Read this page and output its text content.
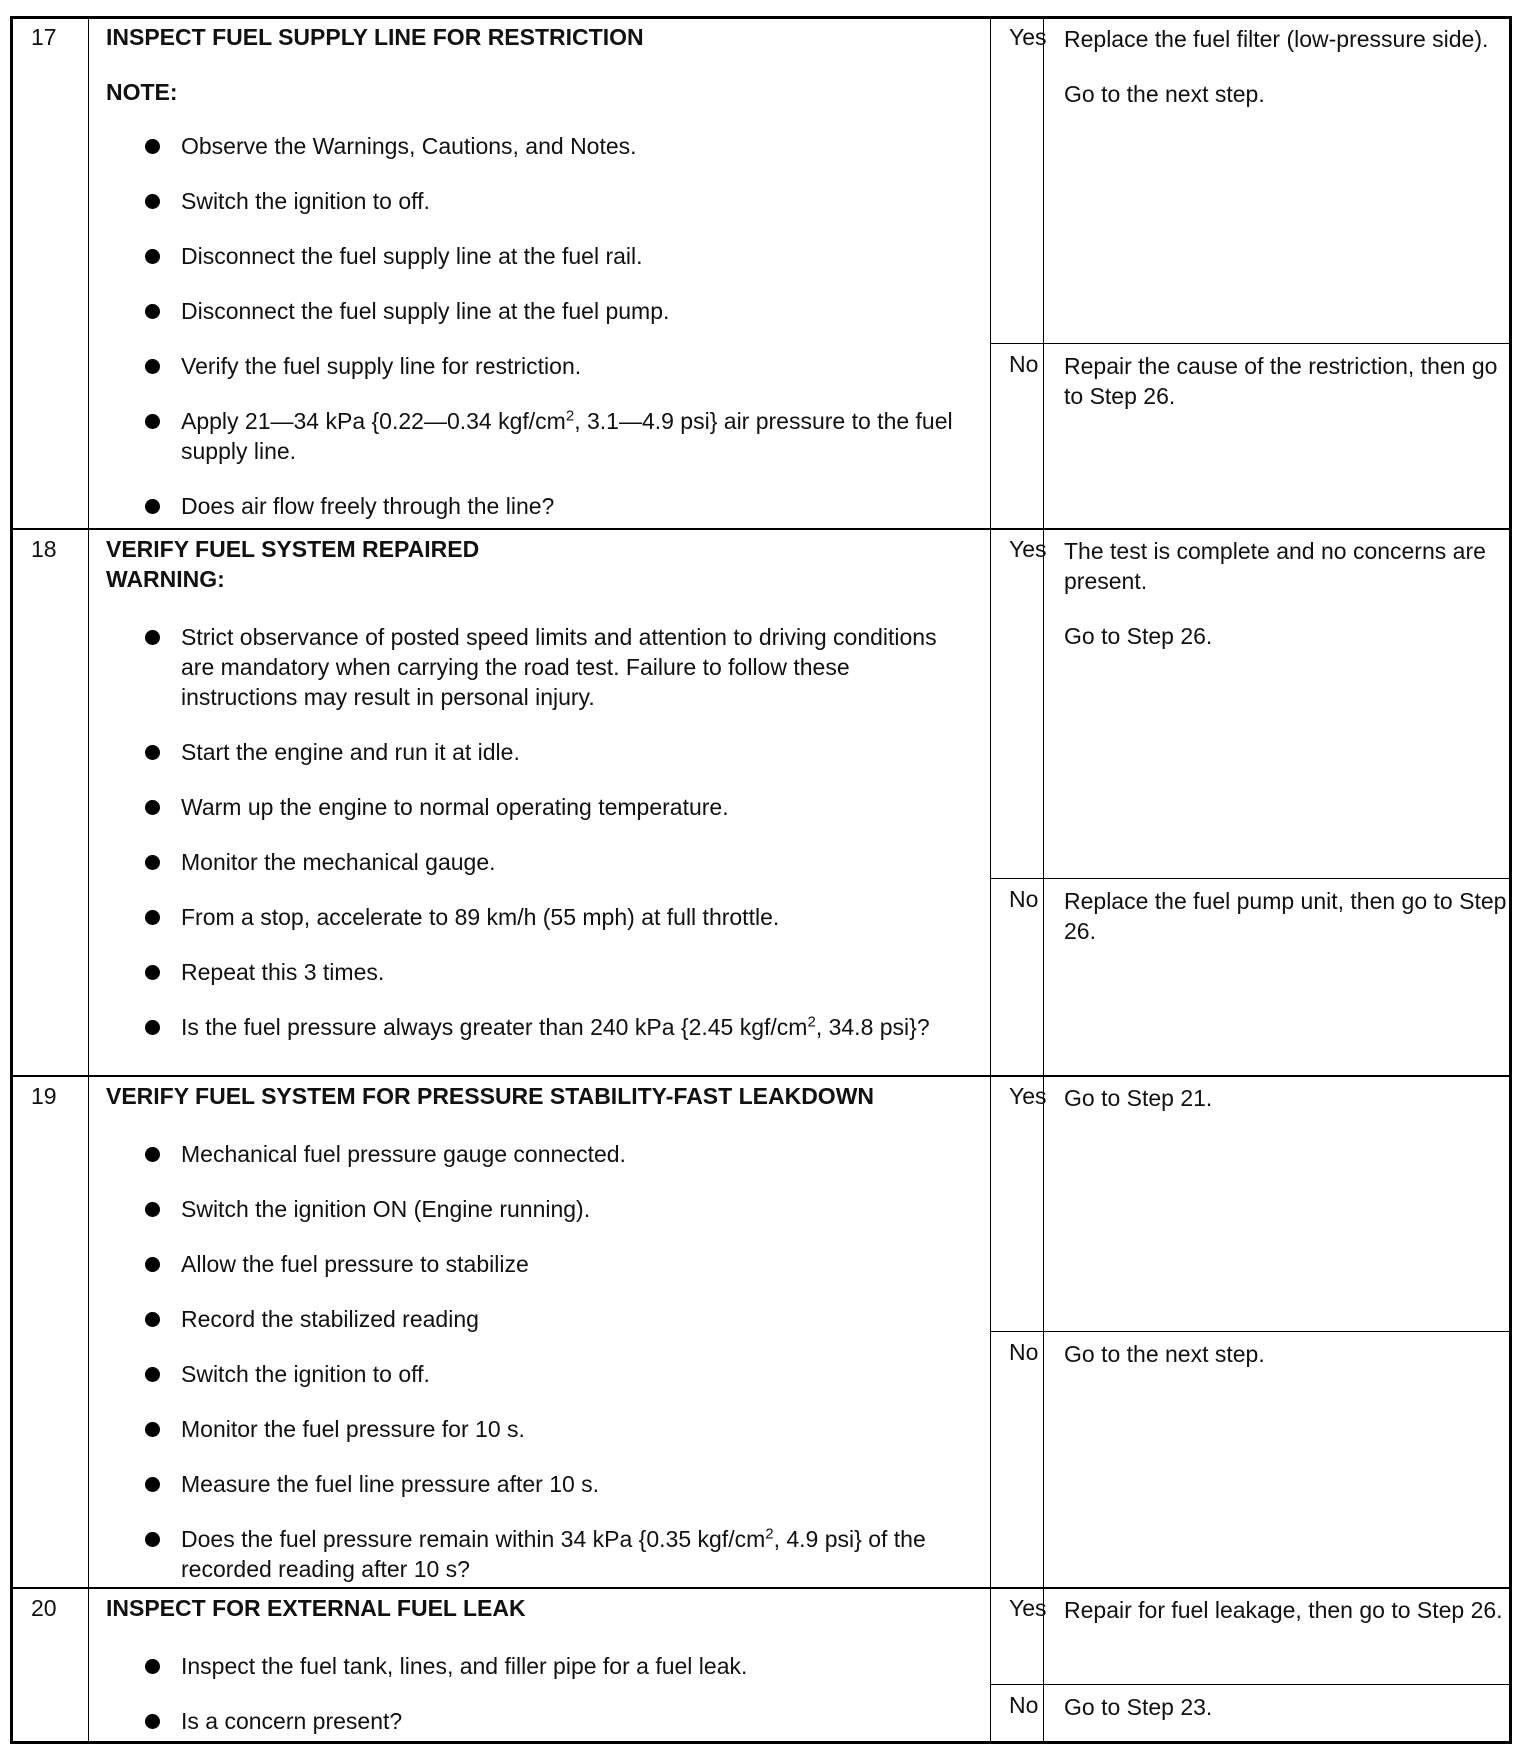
17 INSPECT FUEL SUPPLY LINE FOR RESTRICTION
NOTE:
Observe the Warnings, Cautions, and Notes.
Switch the ignition to off.
Disconnect the fuel supply line at the fuel rail.
Disconnect the fuel supply line at the fuel pump.
Verify the fuel supply line for restriction.
Apply 21—34 kPa {0.22—0.34 kgf/$cm^2$, 3.1—4.9 psi} air pressure to the fuel supply line.
Does air flow freely through the line?
Yes Replace the fuel filter (low-pressure side).

Go to the next step.

No Repair the cause of the restriction, then go to Step 26.

18 VERIFY FUEL SYSTEM REPAIRED
WARNING:
Strict observance of posted speed limits and attention to driving conditions are mandatory when carrying the road test. Failure to follow these instructions may result in personal injury.
Start the engine and run it at idle.
Warm up the engine to normal operating temperature.
Monitor the mechanical gauge.
From a stop, accelerate to 89 km/h (55 mph) at full throttle.
Repeat this 3 times.
Is the fuel pressure always greater than 240 kPa {2.45 kgf/$cm^2$, 34.8 psi}?
Yes The test is complete and no concerns are present.

Go to Step 26.

No Replace the fuel pump unit, then go to Step 26.

19 VERIFY FUEL SYSTEM FOR PRESSURE STABILITY-FAST LEAKDOWN
Mechanical fuel pressure gauge connected.
Switch the ignition ON (Engine running).
Allow the fuel pressure to stabilize
Record the stabilized reading
Switch the ignition to off.
Monitor the fuel pressure for 10 s.
Measure the fuel line pressure after 10 s.
Does the fuel pressure remain within 34 kPa {0.35 kgf/$cm^2$, 4.9 psi} of the recorded reading after 10 s?
Yes Go to Step 21.

No Go to the next step.

20 INSPECT FOR EXTERNAL FUEL LEAK
Inspect the fuel tank, lines, and filler pipe for a fuel leak.
Is a concern present?
Yes Repair for fuel leakage, then go to Step 26.

No Go to Step 23.
